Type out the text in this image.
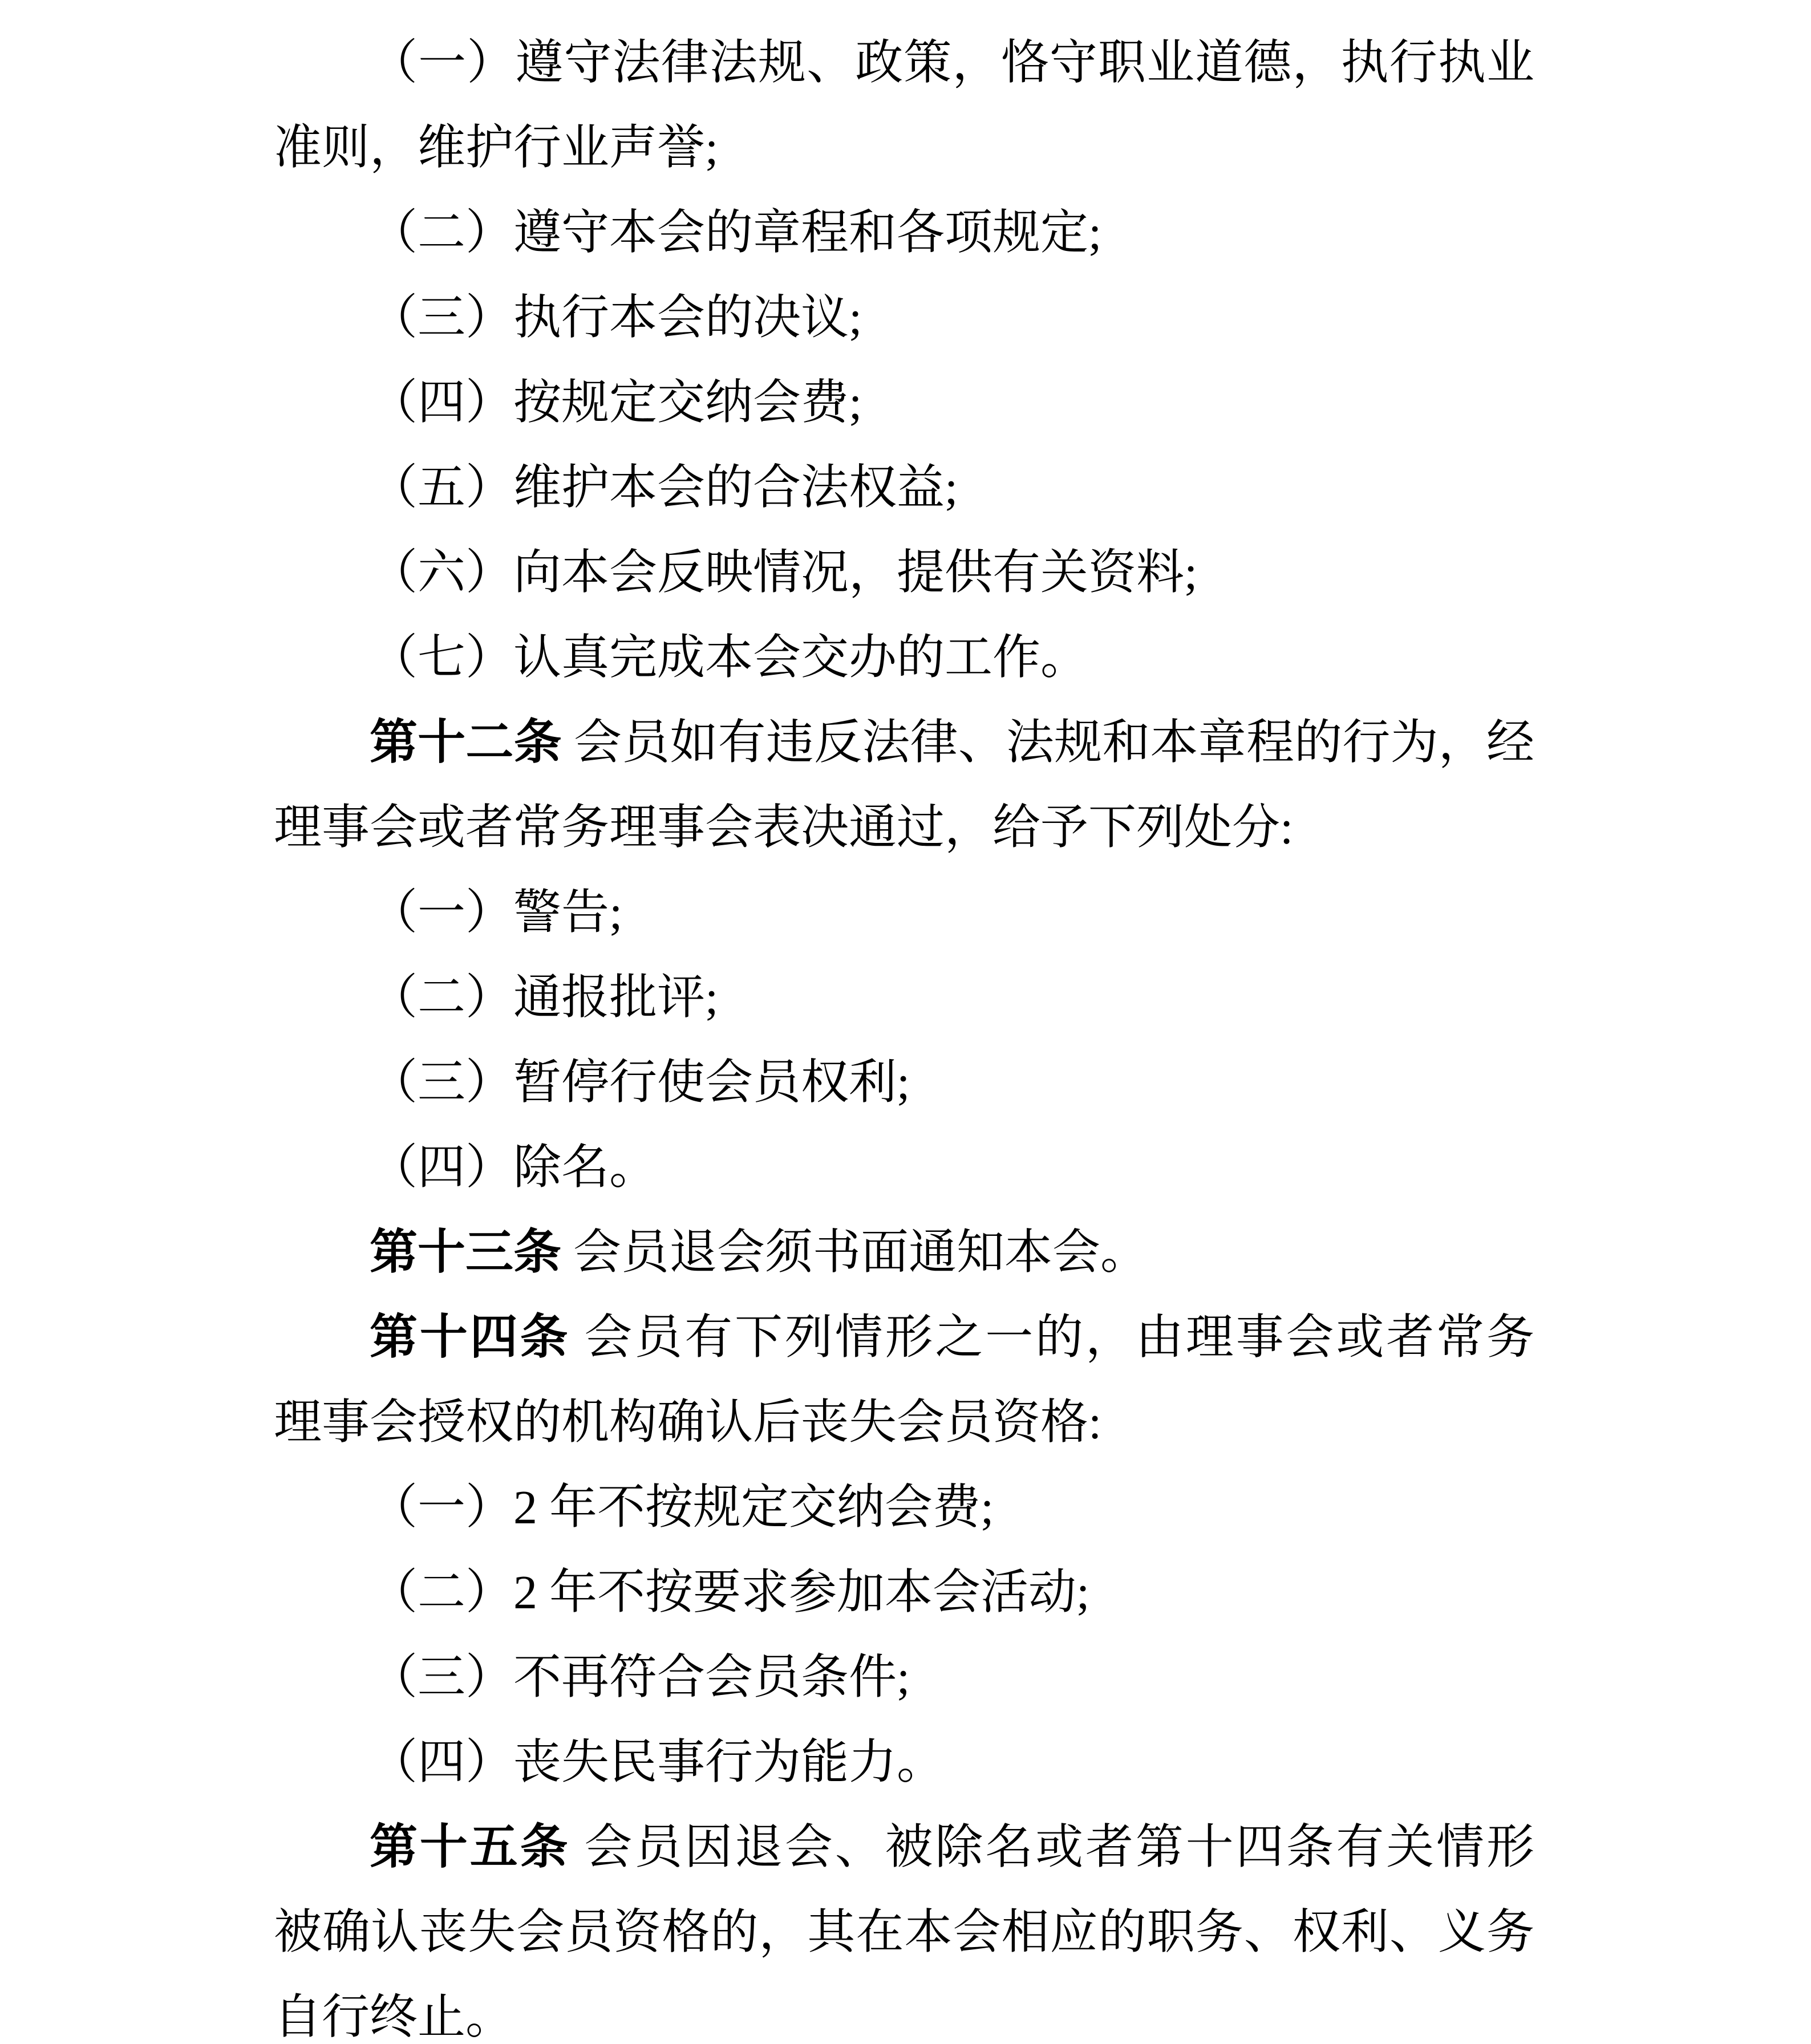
（一）遵守法律法规、政策，恪守职业道德，执行执业
准则，维护行业声誉;
（二）遵守本会的章程和各项规定;
（三）执行本会的决议;
（四）按规定交纳会费;
（五）维护本会的合法权益;
（六）向本会反映情况，提供有关资料;
（七）认真完成本会交办的工作。
第十二条 会员如有违反法律、法规和本章程的行为，经
理事会或者常务理事会表决通过，给予下列处分:
（一）警告;
（二）通报批评;
（三）暂停行使会员权利;
（四）除名。
第十三条 会员退会须书面通知本会。
第十四条 会员有下列情形之一的，由理事会或者常务
理事会授权的机构确认后丧失会员资格:
（一）2 年不按规定交纳会费;
（二）2 年不按要求参加本会活动;
（三）不再符合会员条件;
（四）丧失民事行为能力。
第十五条 会员因退会、被除名或者第十四条有关情形
被确认丧失会员资格的，其在本会相应的职务、权利、义务
自行终止。
